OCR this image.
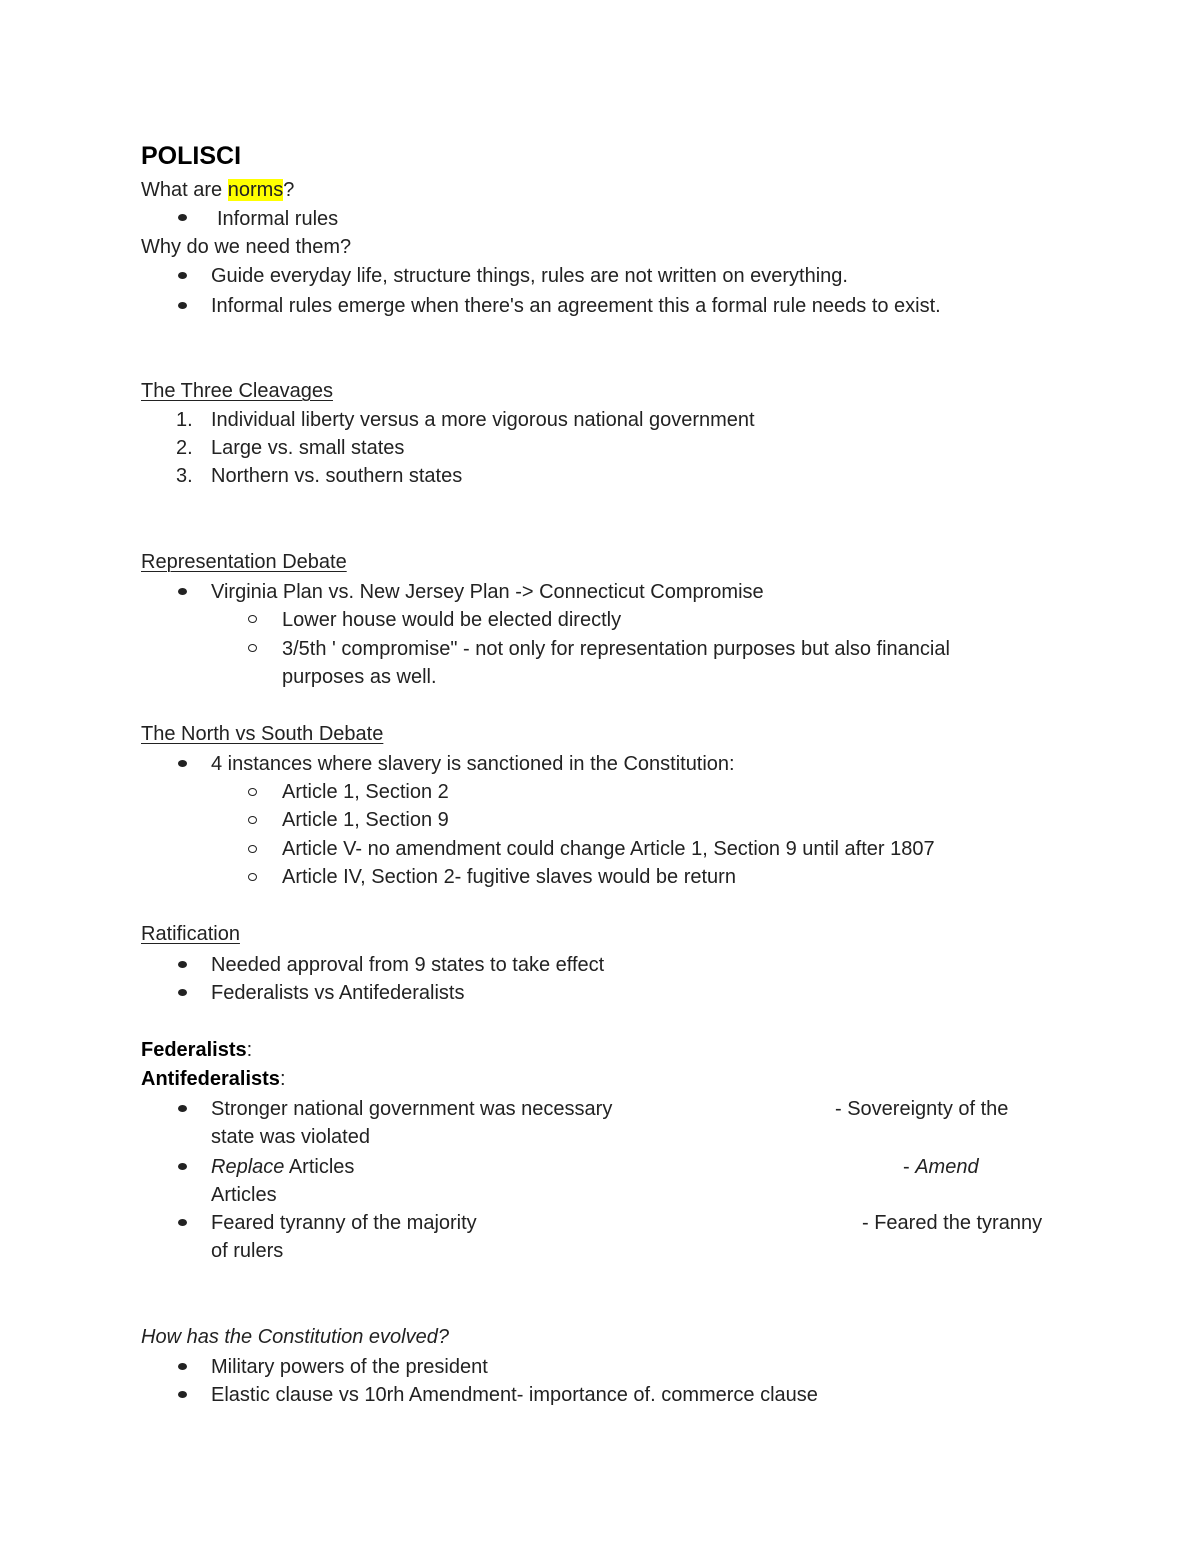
POLISCI
What are norms?
Informal rules
Why do we need them?
Guide everyday life, structure things, rules are not written on everything.
Informal rules emerge when there's an agreement this a formal rule needs to exist.
The Three Cleavages
1. Individual liberty versus a more vigorous national government
2. Large vs. small states
3. Northern vs. southern states
Representation Debate
Virginia Plan vs. New Jersey Plan -> Connecticut Compromise
Lower house would be elected directly
3/5th ' compromise" - not only for representation purposes but also financial
purposes as well.
The North vs South Debate
4 instances where slavery is sanctioned in the Constitution:
Article 1, Section 2
Article 1, Section 9
Article V- no amendment could change Article 1, Section 9 until after 1807
Article IV, Section 2- fugitive slaves would be return
Ratification
Needed approval from 9 states to take effect
Federalists vs Antifederalists
Federalists:
Antifederalists:
Stronger national government was necessary	- Sovereignty of the
state was violated
Replace Articles	- Amend
Articles
Feared tyranny of the majority	- Feared the tyranny
of rulers
How has the Constitution evolved?
Military powers of the president
Elastic clause vs 10rh Amendment- importance of. commerce clause
